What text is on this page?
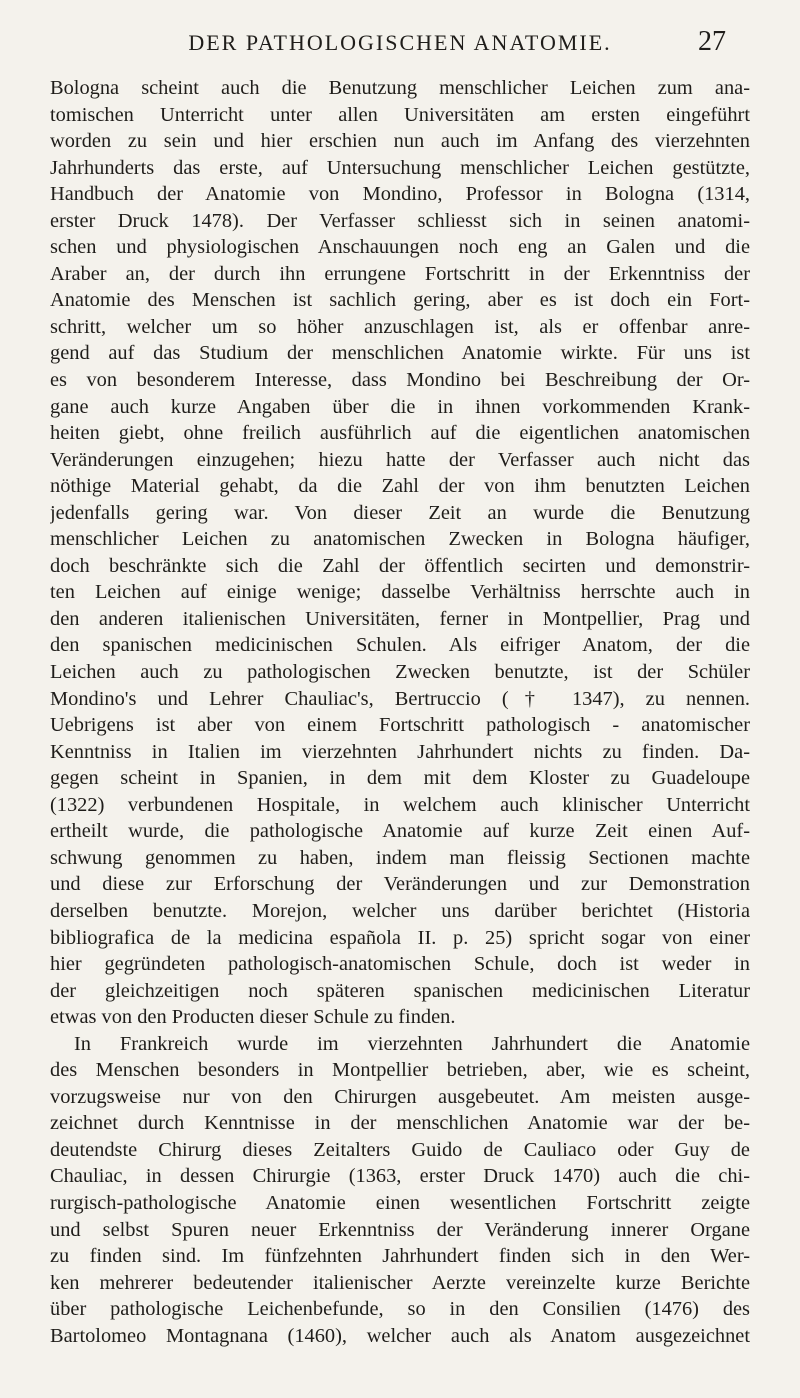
DER PATHOLOGISCHEN ANATOMIE.	27
Bologna scheint auch die Benutzung menschlicher Leichen zum ana-
tomischen Unterricht unter allen Universitäten am ersten eingeführt
worden zu sein und hier erschien nun auch im Anfang des vierzehnten
Jahrhunderts das erste, auf Untersuchung menschlicher Leichen gestützte,
Handbuch der Anatomie von Mondino, Professor in Bologna (1314,
erster Druck 1478). Der Verfasser schliesst sich in seinen anatomi-
schen und physiologischen Anschauungen noch eng an Galen und die
Araber an, der durch ihn errungene Fortschritt in der Erkenntniss der
Anatomie des Menschen ist sachlich gering, aber es ist doch ein Fort-
schritt, welcher um so höher anzuschlagen ist, als er offenbar anre-
gend auf das Studium der menschlichen Anatomie wirkte. Für uns ist
es von besonderem Interesse, dass Mondino bei Beschreibung der Or-
gane auch kurze Angaben über die in ihnen vorkommenden Krank-
heiten giebt, ohne freilich ausführlich auf die eigentlichen anatomischen
Veränderungen einzugehen; hiezu hatte der Verfasser auch nicht das
nöthige Material gehabt, da die Zahl der von ihm benutzten Leichen
jedenfalls gering war. Von dieser Zeit an wurde die Benutzung
menschlicher Leichen zu anatomischen Zwecken in Bologna häufiger,
doch beschränkte sich die Zahl der öffentlich secirten und demonstrir-
ten Leichen auf einige wenige; dasselbe Verhältniss herrschte auch in
den anderen italienischen Universitäten, ferner in Montpellier, Prag und
den spanischen medicinischen Schulen. Als eifriger Anatom, der die
Leichen auch zu pathologischen Zwecken benutzte, ist der Schüler
Mondino's und Lehrer Chauliac's, Bertruccio († 1347), zu nennen.
Uebrigens ist aber von einem Fortschritt pathologisch - anatomischer
Kenntniss in Italien im vierzehnten Jahrhundert nichts zu finden. Da-
gegen scheint in Spanien, in dem mit dem Kloster zu Guadeloupe
(1322) verbundenen Hospitale, in welchem auch klinischer Unterricht
ertheilt wurde, die pathologische Anatomie auf kurze Zeit einen Auf-
schwung genommen zu haben, indem man fleissig Sectionen machte
und diese zur Erforschung der Veränderungen und zur Demonstration
derselben benutzte. Morejon, welcher uns darüber berichtet (Historia
bibliografica de la medicina española II. p. 25) spricht sogar von einer
hier gegründeten pathologisch-anatomischen Schule, doch ist weder in
der gleichzeitigen noch späteren spanischen medicinischen Literatur
etwas von den Producten dieser Schule zu finden.
In Frankreich wurde im vierzehnten Jahrhundert die Anatomie
des Menschen besonders in Montpellier betrieben, aber, wie es scheint,
vorzugsweise nur von den Chirurgen ausgebeutet. Am meisten ausge-
zeichnet durch Kenntnisse in der menschlichen Anatomie war der be-
deutendste Chirurg dieses Zeitalters Guido de Cauliaco oder Guy de
Chauliac, in dessen Chirurgie (1363, erster Druck 1470) auch die chi-
rurgisch-pathologische Anatomie einen wesentlichen Fortschritt zeigte
und selbst Spuren neuer Erkenntniss der Veränderung innerer Organe
zu finden sind. Im fünfzehnten Jahrhundert finden sich in den Wer-
ken mehrerer bedeutender italienischer Aerzte vereinzelte kurze Berichte
über pathologische Leichenbefunde, so in den Consilien (1476) des
Bartolomeo Montagnana (1460), welcher auch als Anatom ausgezeichnet
